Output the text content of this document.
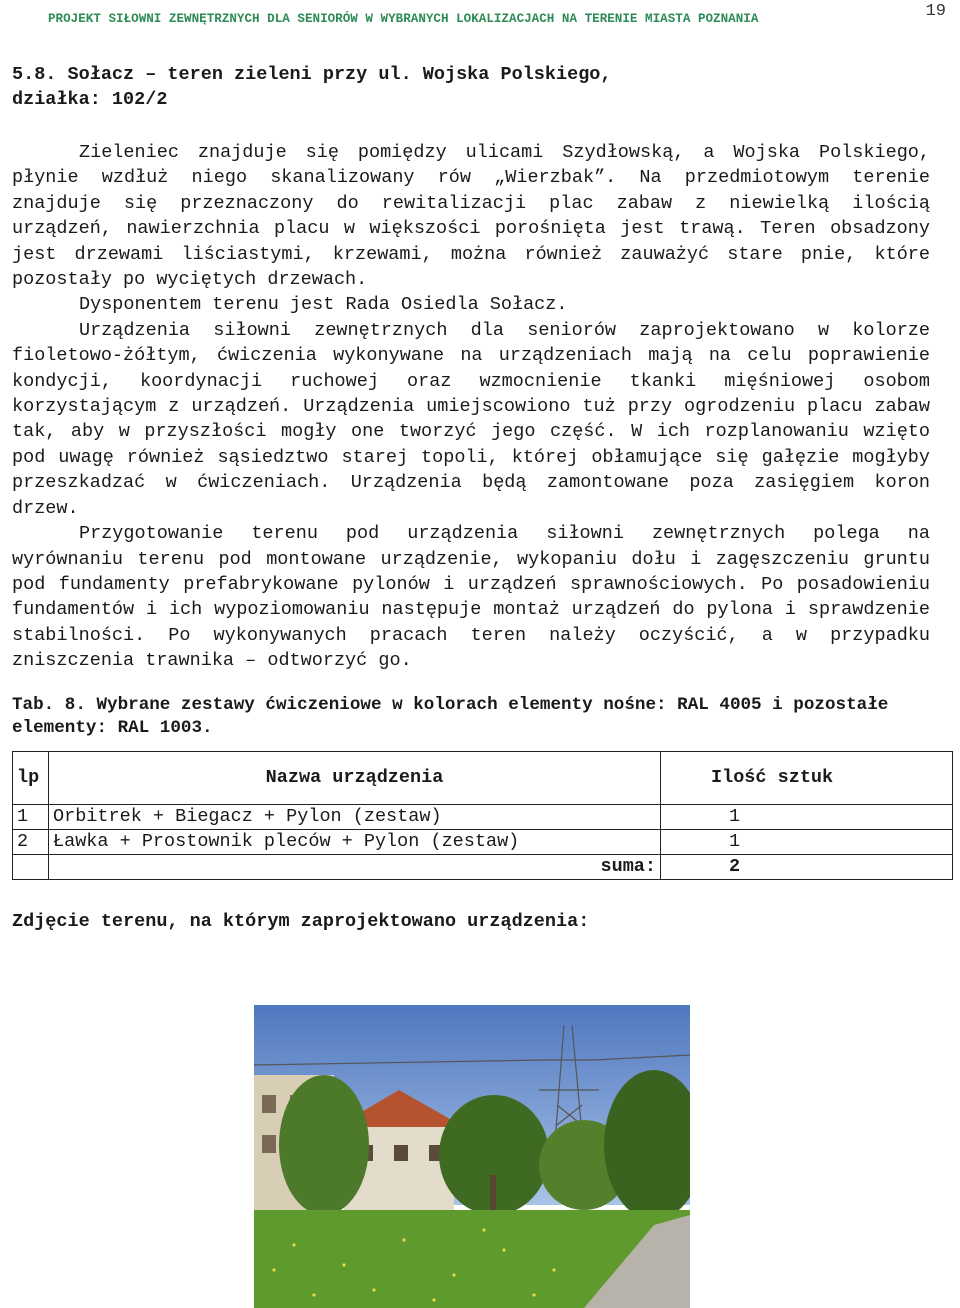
PROJEKT SIŁOWNI ZEWNĘTRZNYCH DLA SENIORÓW W WYBRANYCH LOKALIZACJACH NA TERENIE MIASTA POZNANIA	19
5.8. Sołacz – teren zieleni przy ul. Wojska Polskiego,
działka: 102/2

Zieleniec znajduje się pomiędzy ulicami Szydłowską, a Wojska Polskiego, płynie wzdłuż niego skanalizowany rów „Wierzbak”. Na przedmiotowym terenie znajduje się przeznaczony do rewitalizacji plac zabaw z niewielką ilością urządzeń, nawierzchnia placu w większości porośnięta jest trawą. Teren obsadzony jest drzewami liściastymi, krzewami, można również zauważyć stare pnie, które pozostały po wyciętych drzewach.

Dysponentem terenu jest Rada Osiedla Sołacz.

Urządzenia siłowni zewnętrznych dla seniorów zaprojektowano w kolorze fioletowo-żółtym, ćwiczenia wykonywane na urządzeniach mają na celu poprawienie kondycji, koordynacji ruchowej oraz wzmocnienie tkanki mięśniowej osobom korzystającym z urządzeń. Urządzenia umiejscowiono tuż przy ogrodzeniu placu zabaw tak, aby w przyszłości mogły one tworzyć jego część. W ich rozplanowaniu wzięto pod uwagę również sąsiedztwo starej topoli, której obłamujące się gałęzie mogłyby przeszkadzać w ćwiczeniach. Urządzenia będą zamontowane poza zasięgiem koron drzew.

Przygotowanie terenu pod urządzenia siłowni zewnętrznych polega na wyrównaniu terenu pod montowane urządzenie, wykopaniu dołu i zagęszczeniu gruntu pod fundamenty prefabrykowane pylonów i urządzeń sprawnościowych. Po posadowieniu fundamentów i ich wypoziomowaniu następuje montaż urządzeń do pylona i sprawdzenie stabilności. Po wykonywanych pracach teren należy oczyścić, a w przypadku zniszczenia trawnika – odtworzyć go.

Tab. 8. Wybrane zestawy ćwiczeniowe w kolorach elementy nośne: RAL 4005 i pozostałe elementy: RAL 1003.

lp	Nazwa urządzenia	Ilość sztuk
1	Orbitrek + Biegacz + Pylon (zestaw)	1
2	Ławka + Prostownik pleców + Pylon (zestaw)	1
	suma:	2

Zdjęcie terenu, na którym zaprojektowano urządzenia:
